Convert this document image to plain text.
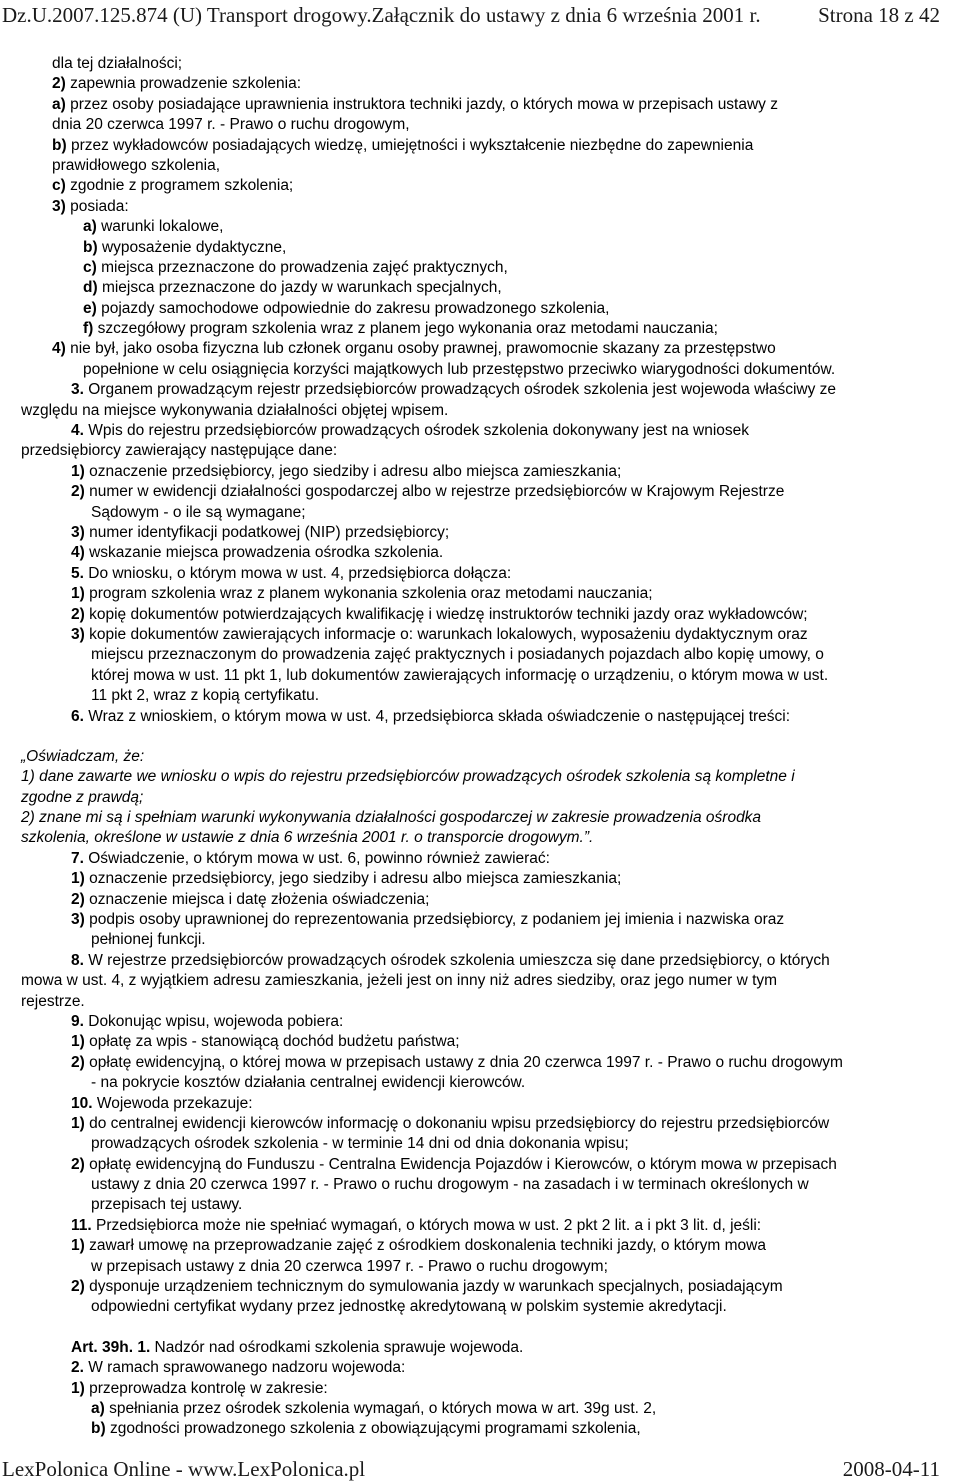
Dz.U.2007.125.874 (U) Transport drogowy.Załącznik do ustawy z dnia 6 września 2001 r.	Strona 18 z 42
dla tej działalności;
2) zapewnia prowadzenie szkolenia:
a) przez osoby posiadające uprawnienia instruktora techniki jazdy, o których mowa w przepisach ustawy z
dnia 20 czerwca 1997 r. - Prawo o ruchu drogowym,
b) przez wykładowców posiadających wiedzę, umiejętności i wykształcenie niezbędne do zapewnienia
prawidłowego szkolenia,
c) zgodnie z programem szkolenia;
3) posiada:
a) warunki lokalowe,
b) wyposażenie dydaktyczne,
c) miejsca przeznaczone do prowadzenia zajęć praktycznych,
d) miejsca przeznaczone do jazdy w warunkach specjalnych,
e) pojazdy samochodowe odpowiednie do zakresu prowadzonego szkolenia,
f) szczegółowy program szkolenia wraz z planem jego wykonania oraz metodami nauczania;
4) nie był, jako osoba fizyczna lub członek organu osoby prawnej, prawomocnie skazany za przestępstwo
popełnione w celu osiągnięcia korzyści majątkowych lub przestępstwo przeciwko wiarygodności dokumentów.
3. Organem prowadzącym rejestr przedsiębiorców prowadzących ośrodek szkolenia jest wojewoda właściwy ze
względu na miejsce wykonywania działalności objętej wpisem.
4. Wpis do rejestru przedsiębiorców prowadzących ośrodek szkolenia dokonywany jest na wniosek
przedsiębiorcy zawierający następujące dane:
1) oznaczenie przedsiębiorcy, jego siedziby i adresu albo miejsca zamieszkania;
2) numer w ewidencji działalności gospodarczej albo w rejestrze przedsiębiorców w Krajowym Rejestrze
Sądowym - o ile są wymagane;
3) numer identyfikacji podatkowej (NIP) przedsiębiorcy;
4) wskazanie miejsca prowadzenia ośrodka szkolenia.
5. Do wniosku, o którym mowa w ust. 4, przedsiębiorca dołącza:
1) program szkolenia wraz z planem wykonania szkolenia oraz metodami nauczania;
2) kopię dokumentów potwierdzających kwalifikację i wiedzę instruktorów techniki jazdy oraz wykładowców;
3) kopie dokumentów zawierających informacje o: warunkach lokalowych, wyposażeniu dydaktycznym oraz
miejscu przeznaczonym do prowadzenia zajęć praktycznych i posiadanych pojazdach albo kopię umowy, o
której mowa w ust. 11 pkt 1, lub dokumentów zawierających informację o urządzeniu, o którym mowa w ust.
11 pkt 2, wraz z kopią certyfikatu.
6. Wraz z wnioskiem, o którym mowa w ust. 4, przedsiębiorca składa oświadczenie o następującej treści:
„Oświadczam, że:
1) dane zawarte we wniosku o wpis do rejestru przedsiębiorców prowadzących ośrodek szkolenia są kompletne i
zgodne z prawdą;
2) znane mi są i spełniam warunki wykonywania działalności gospodarczej w zakresie prowadzenia ośrodka
szkolenia, określone w ustawie z dnia 6 września 2001 r. o transporcie drogowym.”.
7. Oświadczenie, o którym mowa w ust. 6, powinno również zawierać:
1) oznaczenie przedsiębiorcy, jego siedziby i adresu albo miejsca zamieszkania;
2) oznaczenie miejsca i datę złożenia oświadczenia;
3) podpis osoby uprawnionej do reprezentowania przedsiębiorcy, z podaniem jej imienia i nazwiska oraz
pełnionej funkcji.
8. W rejestrze przedsiębiorców prowadzących ośrodek szkolenia umieszcza się dane przedsiębiorcy, o których
mowa w ust. 4, z wyjątkiem adresu zamieszkania, jeżeli jest on inny niż adres siedziby, oraz jego numer w tym
rejestrze.
9. Dokonując wpisu, wojewoda pobiera:
1) opłatę za wpis - stanowiącą dochód budżetu państwa;
2) opłatę ewidencyjną, o której mowa w przepisach ustawy z dnia 20 czerwca 1997 r. - Prawo o ruchu drogowym
- na pokrycie kosztów działania centralnej ewidencji kierowców.
10. Wojewoda przekazuje:
1) do centralnej ewidencji kierowców informację o dokonaniu wpisu przedsiębiorcy do rejestru przedsiębiorców
prowadzących ośrodek szkolenia - w terminie 14 dni od dnia dokonania wpisu;
2) opłatę ewidencyjną do Funduszu - Centralna Ewidencja Pojazdów i Kierowców, o którym mowa w przepisach
ustawy z dnia 20 czerwca 1997 r. - Prawo o ruchu drogowym - na zasadach i w terminach określonych w
przepisach tej ustawy.
11. Przedsiębiorca może nie spełniać wymagań, o których mowa w ust. 2 pkt 2 lit. a i pkt 3 lit. d, jeśli:
1) zawarł umowę na przeprowadzanie zajęć z ośrodkiem doskonalenia techniki jazdy, o którym mowa
w przepisach ustawy z dnia 20 czerwca 1997 r. - Prawo o ruchu drogowym;
2) dysponuje urządzeniem technicznym do symulowania jazdy w warunkach specjalnych, posiadającym
odpowiedni certyfikat wydany przez jednostkę akredytowaną w polskim systemie akredytacji.
Art. 39h. 1. Nadzór nad ośrodkami szkolenia sprawuje wojewoda.
2. W ramach sprawowanego nadzoru wojewoda:
1) przeprowadza kontrolę w zakresie:
a) spełniania przez ośrodek szkolenia wymagań, o których mowa w art. 39g ust. 2,
b) zgodności prowadzonego szkolenia z obowiązującymi programami szkolenia,
LexPolonica Online - www.LexPolonica.pl	2008-04-11
